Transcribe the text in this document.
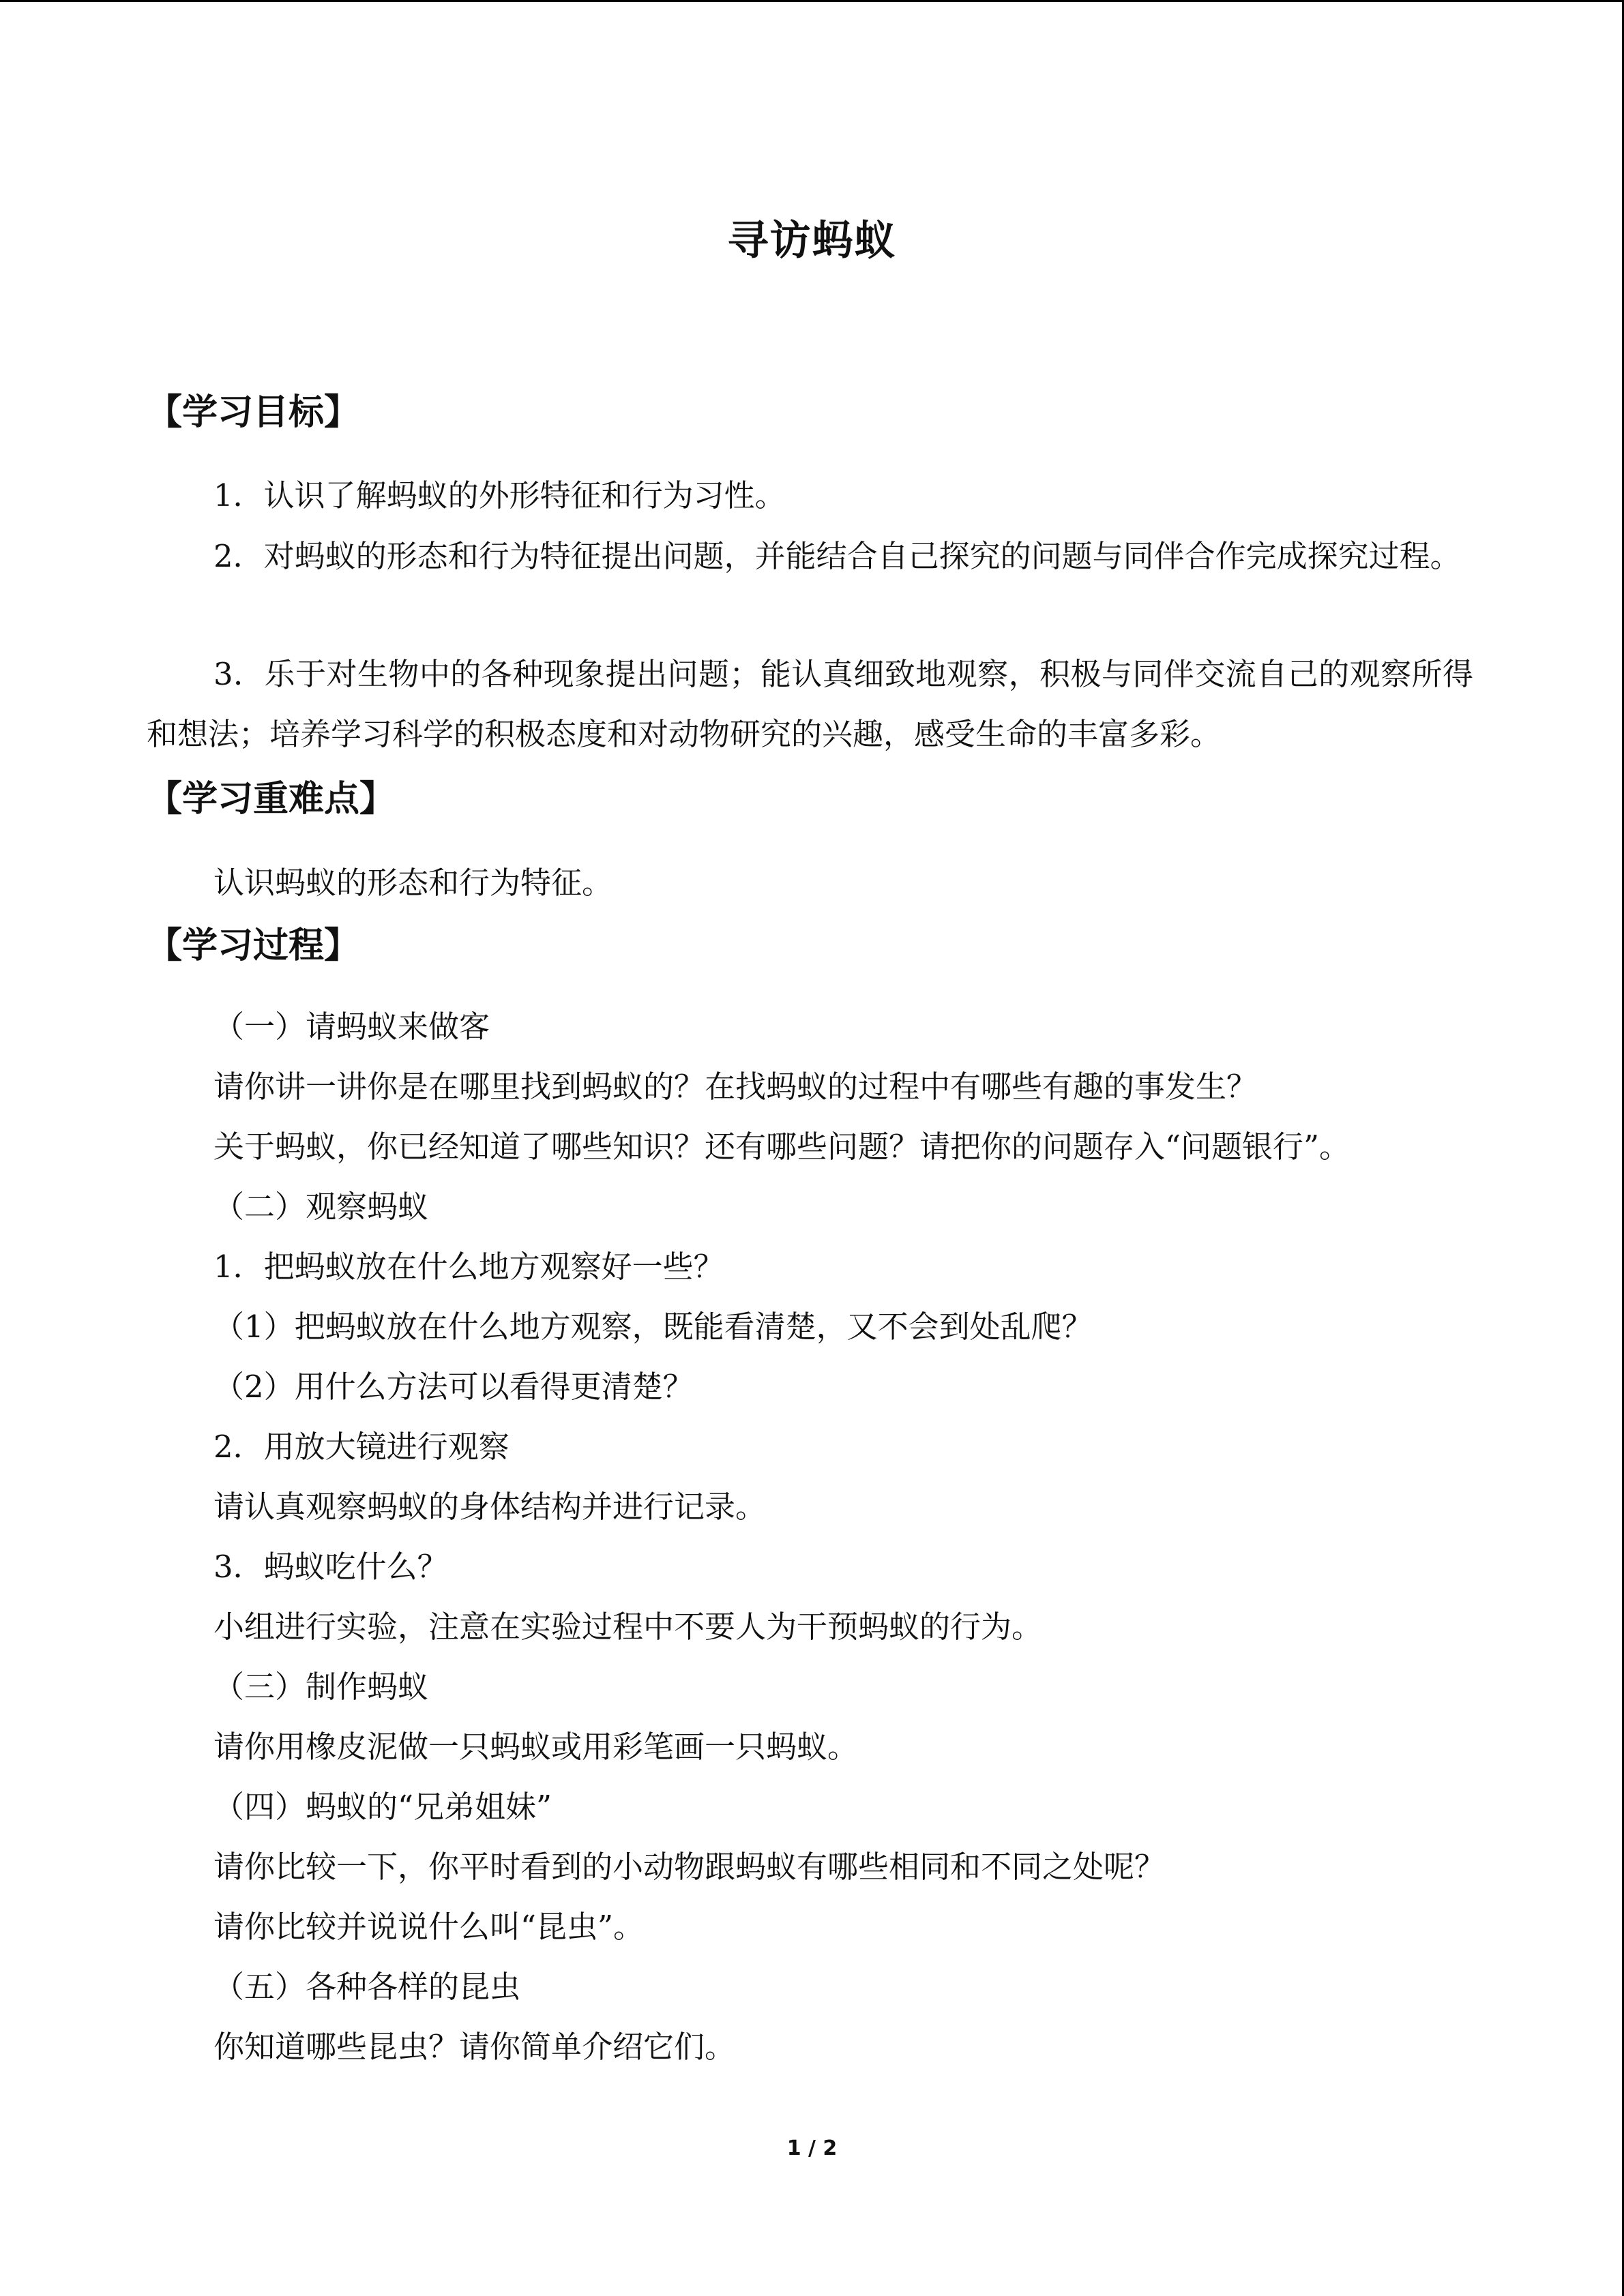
寻访蚂蚁
【学习目标】
1．认识了解蚂蚁的外形特征和行为习性。
2．对蚂蚁的形态和行为特征提出问题，并能结合自己探究的问题与同伴合作完成探究过程。
3．乐于对生物中的各种现象提出问题；能认真细致地观察，积极与同伴交流自己的观察所得和想法；培养学习科学的积极态度和对动物研究的兴趣，感受生命的丰富多彩。
【学习重难点】
认识蚂蚁的形态和行为特征。
【学习过程】
（一）请蚂蚁来做客
请你讲一讲你是在哪里找到蚂蚁的？在找蚂蚁的过程中有哪些有趣的事发生？
关于蚂蚁，你已经知道了哪些知识？还有哪些问题？请把你的问题存入“问题银行”。
（二）观察蚂蚁
1．把蚂蚁放在什么地方观察好一些？
（1）把蚂蚁放在什么地方观察，既能看清楚，又不会到处乱爬？
（2）用什么方法可以看得更清楚？
2．用放大镜进行观察
请认真观察蚂蚁的身体结构并进行记录。
3．蚂蚁吃什么？
小组进行实验，注意在实验过程中不要人为干预蚂蚁的行为。
（三）制作蚂蚁
请你用橡皮泥做一只蚂蚁或用彩笔画一只蚂蚁。
（四）蚂蚁的“兄弟姐妹”
请你比较一下，你平时看到的小动物跟蚂蚁有哪些相同和不同之处呢？
请你比较并说说什么叫“昆虫”。
（五）各种各样的昆虫
你知道哪些昆虫？请你简单介绍它们。
1 / 2
